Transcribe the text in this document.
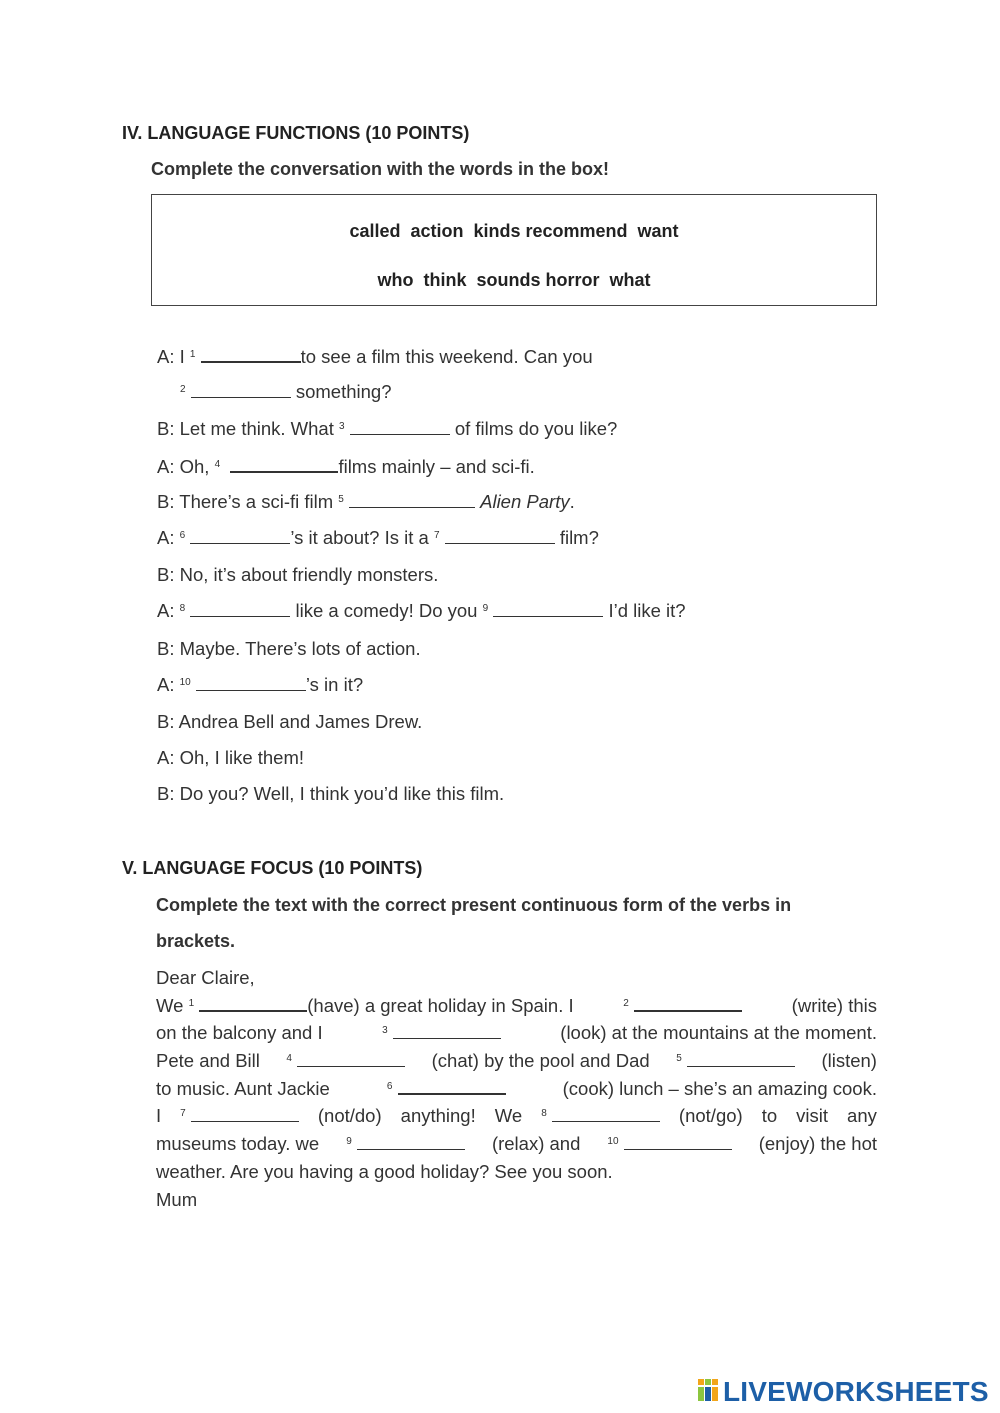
IV. LANGUAGE FUNCTIONS (10 POINTS)
Complete the conversation with the words in the box!
called  action  kinds recommend  want
who  think  sounds horror  what
A: I $^1$	to see a film this weekend. Can you
$^2$	something?
B: Let me think. What $^3$	of films do you like?
A: Oh, $^4$	films mainly – and sci-fi.
B: There’s a sci-fi film $^5$	Alien Party.
A: $^6$	’s it about? Is it a $^7$	film?
B: No, it’s about friendly monsters.
A: $^8$	like a comedy! Do you $^9$	I’d like it?
B: Maybe. There’s lots of action.
A: $^{10}$	’s in it?
B: Andrea Bell and James Drew.
A: Oh, I like them!
B: Do you? Well, I think you’d like this film.
V. LANGUAGE FOCUS (10 POINTS)
Complete the text with the correct present continuous form of the verbs in
brackets.
Dear Claire,
We $^1$	(have) a great holiday in Spain. I	$^2$	(write) this
on the balcony and I	$^3$	(look) at the mountains at the moment.
Pete and Bill	$^4$	(chat) by the pool and Dad	$^5$	(listen)
to music. Aunt Jackie	$^6$	(cook) lunch – she’s an amazing cook.
I $^7$	(not/do) anything! We $^8$	(not/go) to visit any
museums today. we	$^9$	(relax) and	$^{10}$	(enjoy) the hot
weather. Are you having a good holiday? See you soon.
Mum
LIVEWORKSHEETS
